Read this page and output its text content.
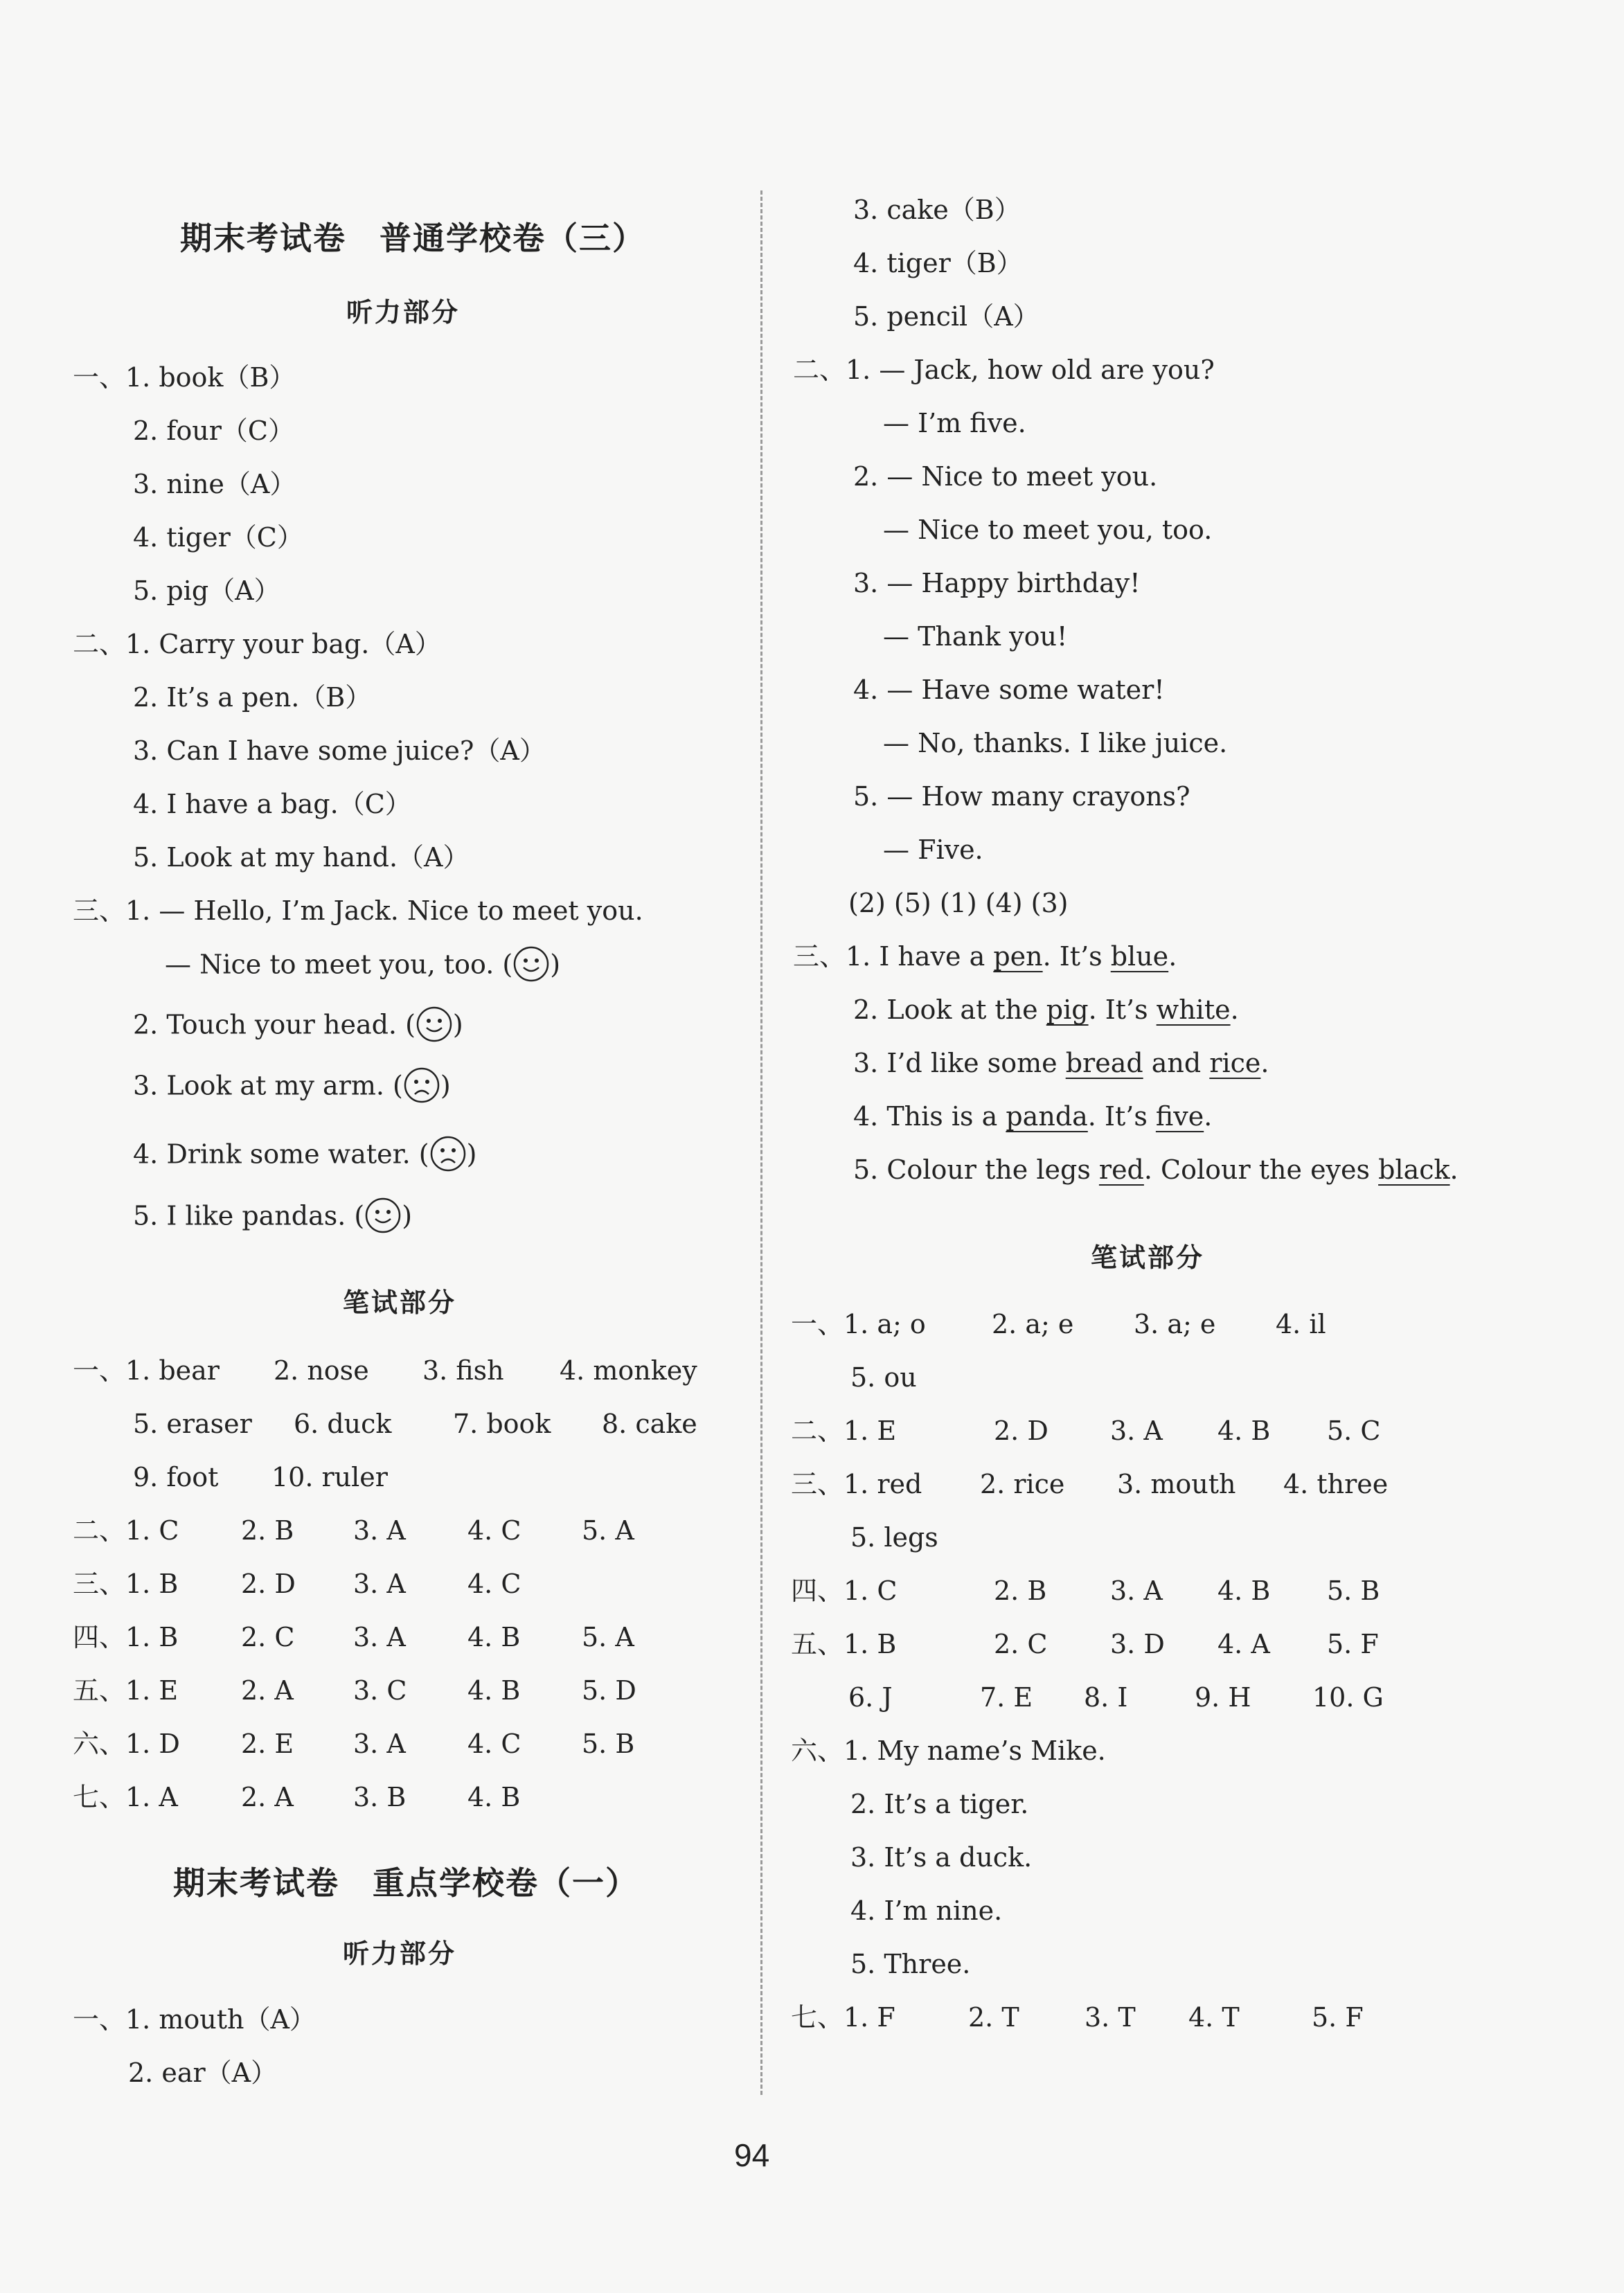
期末考试卷　普通学校卷（三）
听力部分
一、1. book（B）
2. four（C）
3. nine（A）
4. tiger（C）
5. pig（A）
二、1. Carry your bag.（A）
2. It’s a pen.（B）
3. Can I have some juice?（A）
4. I have a bag.（C）
5. Look at my hand.（A）
三、1. — Hello, I’m Jack. Nice to meet you.
— Nice to meet you, too. ( )
2. Touch your head. ( )
3. Look at my arm. ( )
4. Drink some water. ( )
5. I like pandas. ( )
笔试部分
一、1. bear 2. nose 3. fish 4. monkey
5. eraser 6. duck 7. book 8. cake
9. foot 10. ruler
二、1. C 2. B 3. A 4. C 5. A
三、1. B 2. D 3. A 4. C
四、1. B 2. C 3. A 4. B 5. A
五、1. E 2. A 3. C 4. B 5. D
六、1. D 2. E 3. A 4. C 5. B
七、1. A 2. A 3. B 4. B
期末考试卷　重点学校卷（一）
听力部分
一、1. mouth（A）
2. ear（A）
3. cake（B）
4. tiger（B）
5. pencil（A）
二、1. — Jack, how old are you?
— I’m five.
2. — Nice to meet you.
— Nice to meet you, too.
3. — Happy birthday!
— Thank you!
4. — Have some water!
— No, thanks. I like juice.
5. — How many crayons?
— Five.
(2) (5) (1) (4) (3)
三、1. I have a pen. It’s blue.
2. Look at the pig. It’s white.
3. I’d like some bread and rice.
4. This is a panda. It’s five.
5. Colour the legs red. Colour the eyes black.
笔试部分
一、1. a; o	2. a; e 3. a; e 4. il
5. ou
二、1. E	2. D 3. A 4. B 5. C
三、1. red 2. rice 3. mouth 4. three
5. legs
四、1. C	2. B 3. A 4. B 5. B
五、1. B	2. C 3. D 4. A 5. F
6. J	7. E 8. I	9. H 10. G
六、1. My name’s Mike.
2. It’s a tiger.
3. It’s a duck.
4. I’m nine.
5. Three.
七、1. F	2. T 3. T 4. T	5. F
94
